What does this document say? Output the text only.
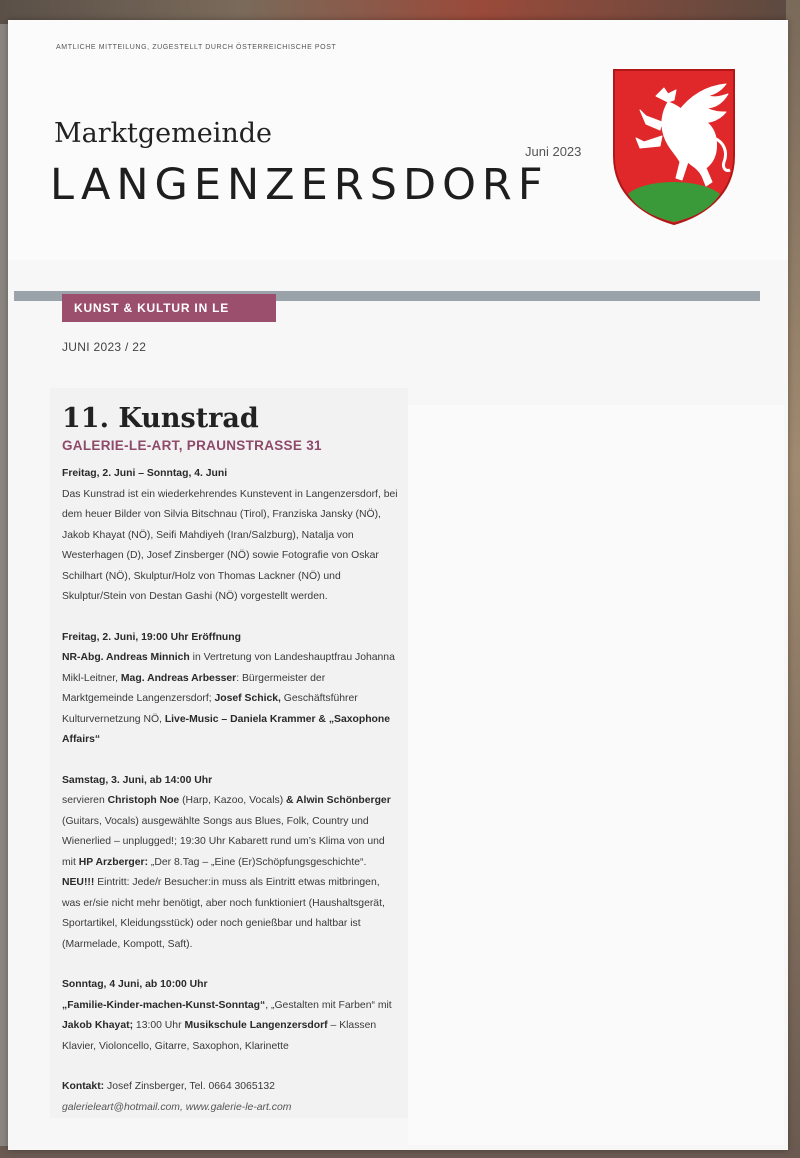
AMTLICHE MITTEILUNG, ZUGESTELLT DURCH ÖSTERREICHISCHE POST
Marktgemeinde
LANGENZERSDORF
Juni 2023
KUNST & KULTUR IN LE
JUNI 2023 / 22
11. Kunstrad

GALERIE-LE-ART, PRAUNSTRASSE 31

Freitag, 2. Juni – Sonntag, 4. Juni

Das Kunstrad ist ein wiederkehrendes Kunstevent in Langenzersdorf, bei dem heuer Bilder von Silvia Bitschnau (Tirol), Franziska Jansky (NÖ), Jakob Khayat (NÖ), Seifi Mahdiyeh (Iran/Salzburg), Natalja von Westerhagen (D), Josef Zinsberger (NÖ) sowie Fotografie von Oskar Schilhart (NÖ), Skulptur/Holz von Thomas Lackner (NÖ) und Skulptur/Stein von Destan Gashi (NÖ) vorgestellt werden.

Freitag, 2. Juni, 19:00 Uhr Eröffnung

NR-Abg. Andreas Minnich in Vertretung von Landeshauptfrau Johanna Mikl-Leitner, Mag. Andreas Arbesser: Bürgermeister der Marktgemeinde Langenzersdorf; Josef Schick, Geschäftsführer Kulturvernetzung NÖ, Live-Music – Daniela Krammer & „Saxophone Affairs“

Samstag, 3. Juni, ab 14:00 Uhr

servieren Christoph Noe (Harp, Kazoo, Vocals) & Alwin Schönberger (Guitars, Vocals) ausgewählte Songs aus Blues, Folk, Country und Wienerlied – unplugged!; 19:30 Uhr Kabarett rund um’s Klima von und mit HP Arzberger: „Der 8.Tag – „Eine (Er)Schöpfungsgeschichte“. NEU!!! Eintritt: Jede/r Besucher:in muss als Eintritt etwas mitbringen, was er/sie nicht mehr benötigt, aber noch funktioniert (Haushaltsgerät, Sportartikel, Kleidungsstück) oder noch genießbar und haltbar ist (Marmelade, Kompott, Saft).

Sonntag, 4 Juni, ab 10:00 Uhr

„Familie-Kinder-machen-Kunst-Sonntag“, „Gestalten mit Farben“ mit Jakob Khayat; 13:00 Uhr Musikschule Langenzersdorf – Klassen Klavier, Violoncello, Gitarre, Saxophon, Klarinette

Kontakt: Josef Zinsberger, Tel. 0664 3065132

galerieleart@hotmail.com, www.galerie-le-art.com
